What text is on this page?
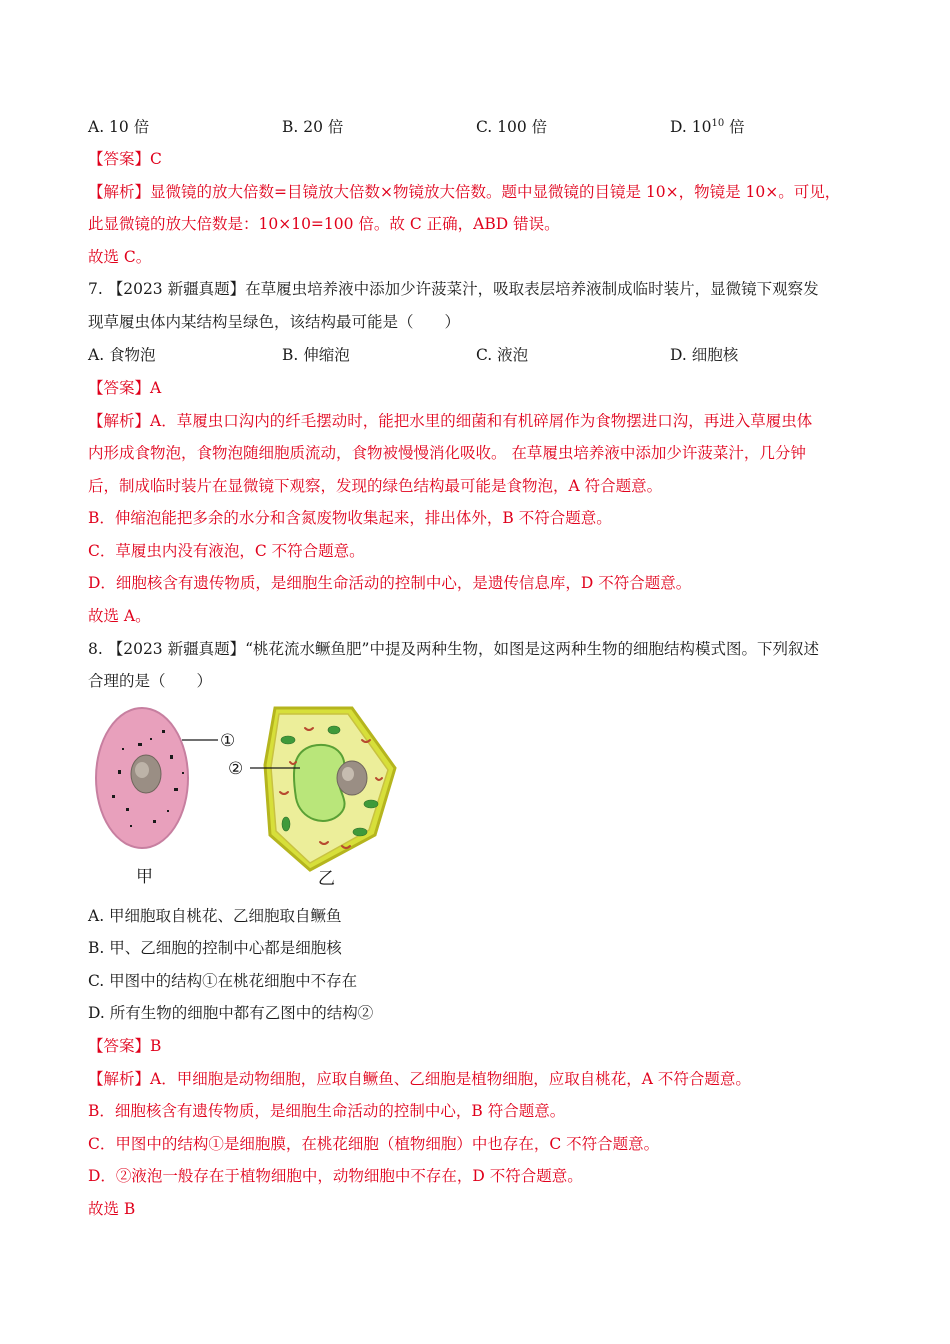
A. 10 倍	B. 20 倍	C. 100 倍	D. $10^{10}$ 倍
【答案】C
【解析】显微镜的放大倍数=目镜放大倍数×物镜放大倍数。题中显微镜的目镜是 10×，物镜是 10×。可见，
此显微镜的放大倍数是：10×10=100 倍。故 C 正确，ABD 错误。
故选 C。
7. 【2023 新疆真题】在草履虫培养液中添加少许菠菜汁，吸取表层培养液制成临时装片，显微镜下观察发
现草履虫体内某结构呈绿色，该结构最可能是（　　）
A. 食物泡	B. 伸缩泡	C. 液泡	D. 细胞核
【答案】A
【解析】A．草履虫口沟内的纤毛摆动时，能把水里的细菌和有机碎屑作为食物摆进口沟，再进入草履虫体
内形成食物泡，食物泡随细胞质流动，食物被慢慢消化吸收。 在草履虫培养液中添加少许菠菜汁，几分钟
后，制成临时装片在显微镜下观察，发现的绿色结构最可能是食物泡，A 符合题意。
B．伸缩泡能把多余的水分和含氮废物收集起来，排出体外，B 不符合题意。
C．草履虫内没有液泡，C 不符合题意。
D．细胞核含有遗传物质，是细胞生命活动的控制中心，是遗传信息库，D 不符合题意。
故选 A。
8. 【2023 新疆真题】“桃花流水鳜鱼肥”中提及两种生物，如图是这两种生物的细胞结构模式图。下列叙述
合理的是（　　）
①
甲
②
乙
A. 甲细胞取自桃花、乙细胞取自鳜鱼
B. 甲、乙细胞的控制中心都是细胞核
C. 甲图中的结构①在桃花细胞中不存在
D. 所有生物的细胞中都有乙图中的结构②
【答案】B
【解析】A．甲细胞是动物细胞，应取自鳜鱼、乙细胞是植物细胞，应取自桃花，A 不符合题意。
B．细胞核含有遗传物质，是细胞生命活动的控制中心，B 符合题意。
C．甲图中的结构①是细胞膜，在桃花细胞（植物细胞）中也存在，C 不符合题意。
D．②液泡一般存在于植物细胞中，动物细胞中不存在，D 不符合题意。
故选 B
